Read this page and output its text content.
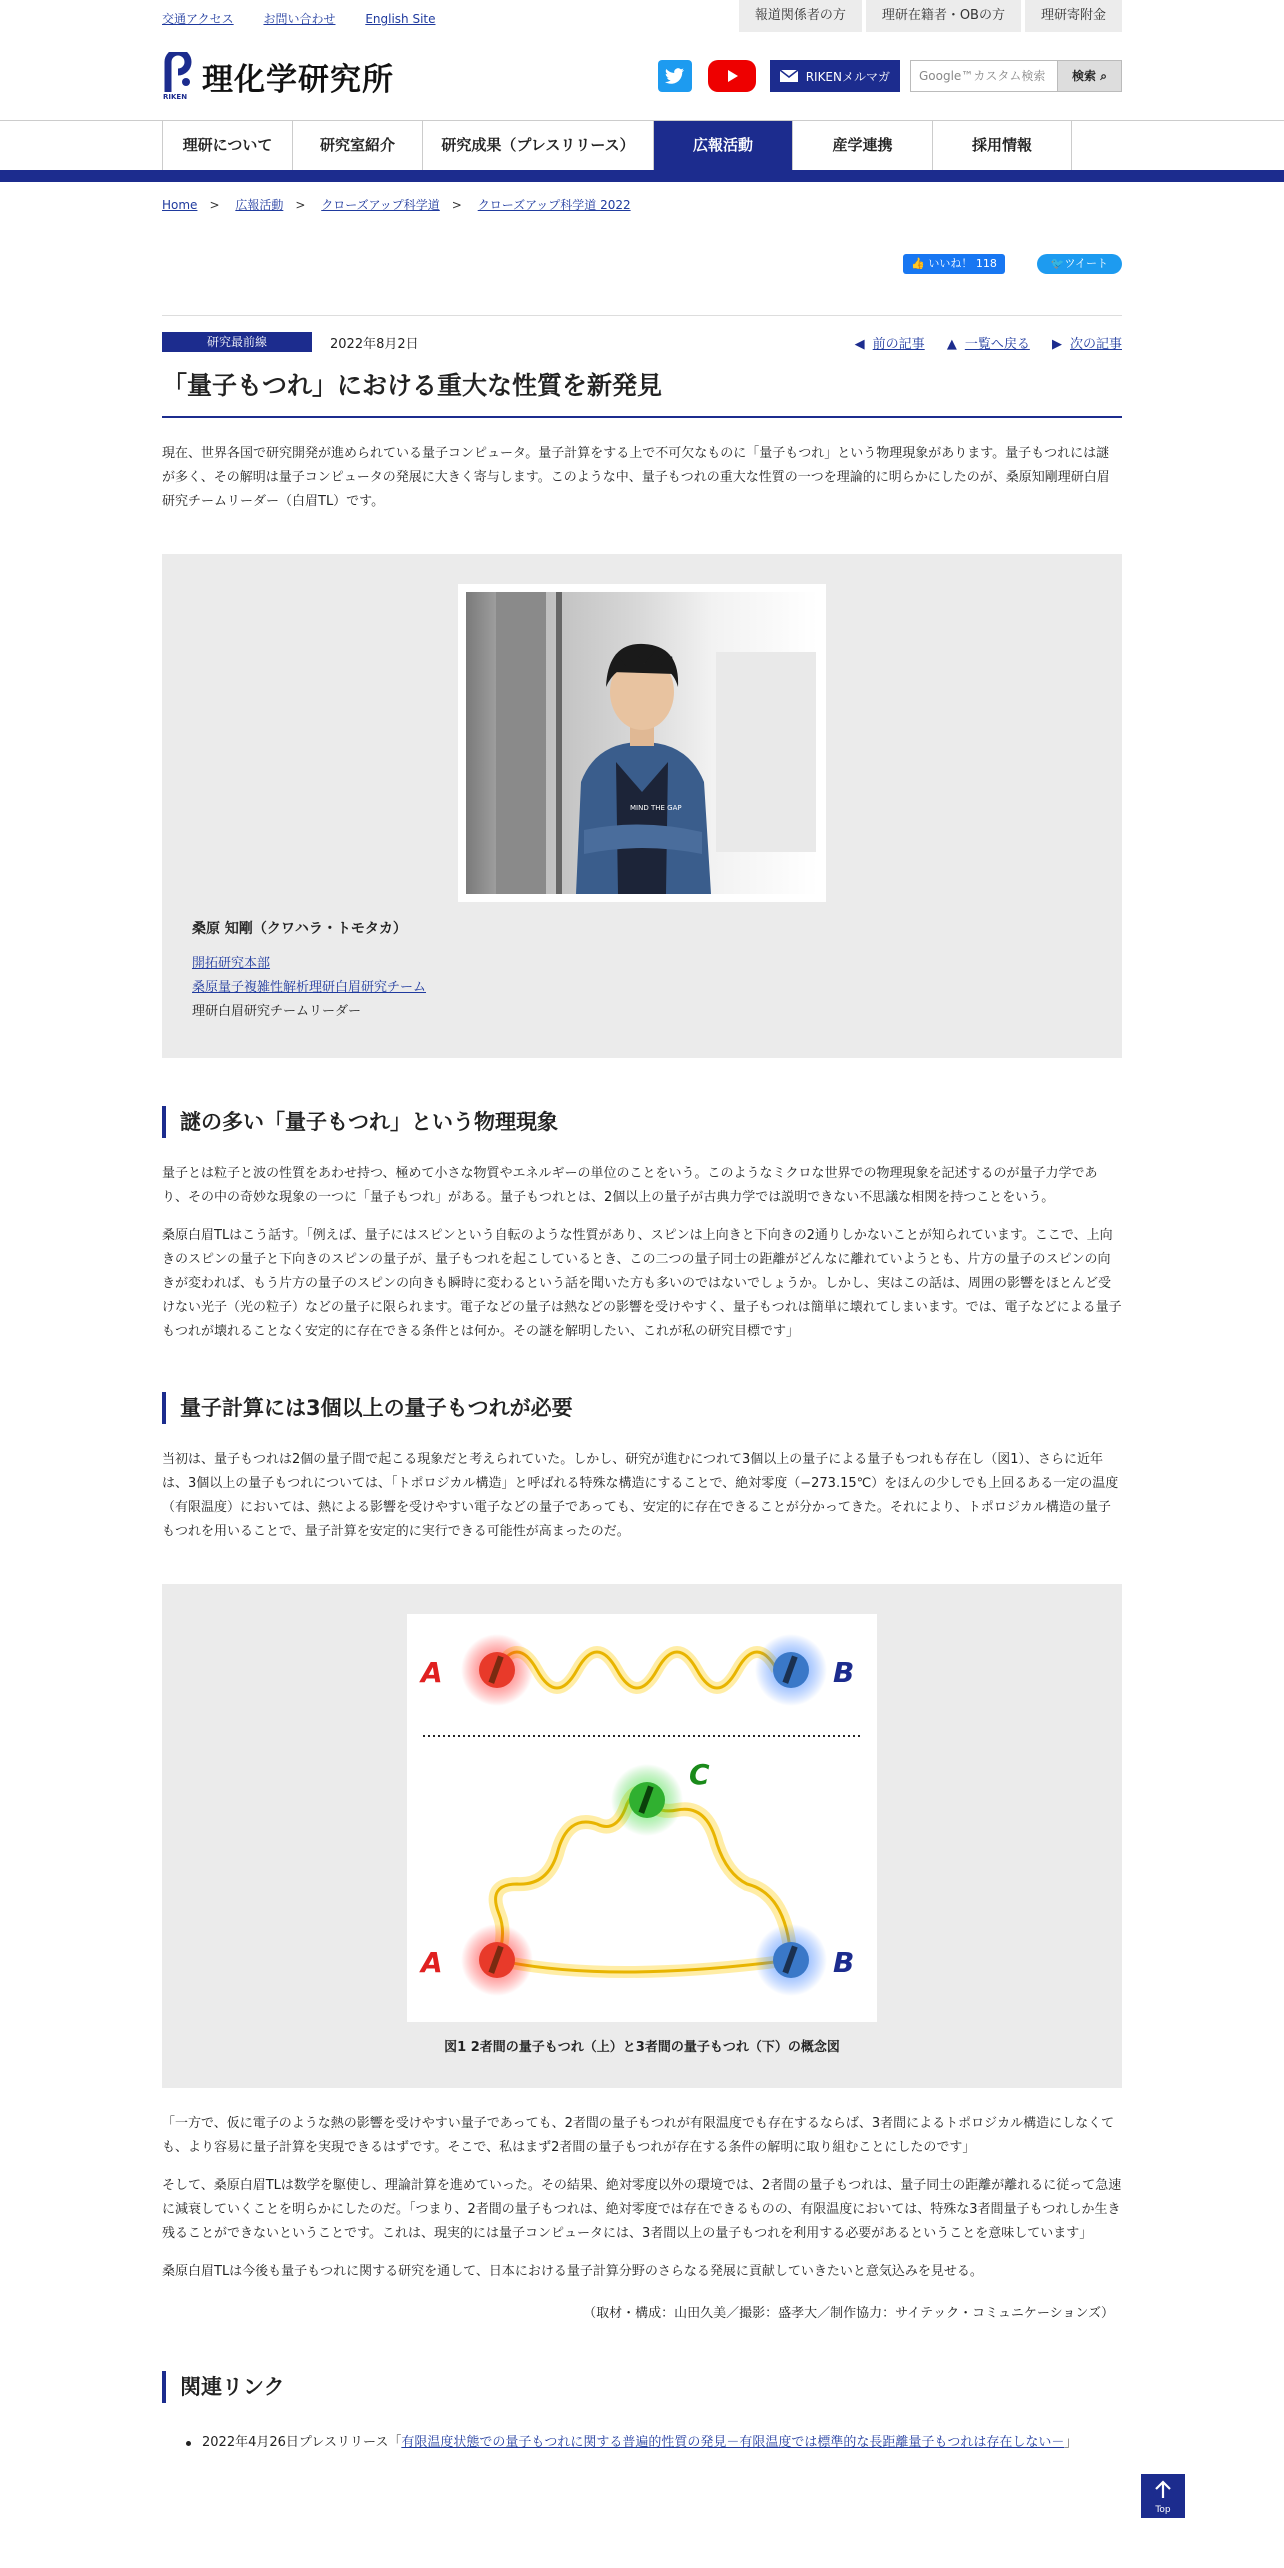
交通アクセス お問い合わせ English Site	報道関係者の方	理研在籍者・OBの方	理研寄附金
RIKEN 理化学研究所	RIKENメルマガ	Google™カスタム検索	検索 ⌕
理研について	研究室紹介	研究成果（プレスリリース）	広報活動	産学連携	採用情報
Home > 広報活動 > クローズアップ科学道 > クローズアップ科学道 2022
👍 いいね！ 118	🐦ツイート
研究最前線	2022年8月2日	◀ 前の記事 ▲ 一覧へ戻る ▶ 次の記事
「量子もつれ」における重大な性質を新発見

現在、世界各国で研究開発が進められている量子コンピュータ。量子計算をする上で不可欠なものに「量子もつれ」という物理現象があります。量子もつれには謎が多く、その解明は量子コンピュータの発展に大きく寄与します。このような中、量子もつれの重大な性質の一つを理論的に明らかにしたのが、桑原知剛理研白眉研究チームリーダー（白眉TL）です。

MIND THE GAP
桑原 知剛（クワハラ・トモタカ）
開拓研究本部
桑原量子複雑性解析理研白眉研究チーム
理研白眉研究チームリーダー
謎の多い「量子もつれ」という物理現象

量子とは粒子と波の性質をあわせ持つ、極めて小さな物質やエネルギーの単位のことをいう。このようなミクロな世界での物理現象を記述するのが量子力学であり、その中の奇妙な現象の一つに「量子もつれ」がある。量子もつれとは、2個以上の量子が古典力学では説明できない不思議な相関を持つことをいう。

桑原白眉TLはこう話す。「例えば、量子にはスピンという自転のような性質があり、スピンは上向きと下向きの2通りしかないことが知られています。ここで、上向きのスピンの量子と下向きのスピンの量子が、量子もつれを起こしているとき、この二つの量子同士の距離がどんなに離れていようとも、片方の量子のスピンの向きが変われば、もう片方の量子のスピンの向きも瞬時に変わるという話を聞いた方も多いのではないでしょうか。しかし、実はこの話は、周囲の影響をほとんど受けない光子（光の粒子）などの量子に限られます。電子などの量子は熱などの影響を受けやすく、量子もつれは簡単に壊れてしまいます。では、電子などによる量子もつれが壊れることなく安定的に存在できる条件とは何か。その謎を解明したい、これが私の研究目標です」

量子計算には3個以上の量子もつれが必要

当初は、量子もつれは2個の量子間で起こる現象だと考えられていた。しかし、研究が進むにつれて3個以上の量子による量子もつれも存在し（図1）、さらに近年は、3個以上の量子もつれについては、「トポロジカル構造」と呼ばれる特殊な構造にすることで、絶対零度（−273.15℃）をほんの少しでも上回るある一定の温度（有限温度）においては、熱による影響を受けやすい電子などの量子であっても、安定的に存在できることが分かってきた。それにより、トポロジカル構造の量子もつれを用いることで、量子計算を安定的に実行できる可能性が高まったのだ。

A	B
C
A	B
図1 2者間の量子もつれ（上）と3者間の量子もつれ（下）の概念図

「一方で、仮に電子のような熱の影響を受けやすい量子であっても、2者間の量子もつれが有限温度でも存在するならば、3者間によるトポロジカル構造にしなくても、より容易に量子計算を実現できるはずです。そこで、私はまず2者間の量子もつれが存在する条件の解明に取り組むことにしたのです」

そして、桑原白眉TLは数学を駆使し、理論計算を進めていった。その結果、絶対零度以外の環境では、2者間の量子もつれは、量子同士の距離が離れるに従って急速に減衰していくことを明らかにしたのだ。「つまり、2者間の量子もつれは、絶対零度では存在できるものの、有限温度においては、特殊な3者間量子もつれしか生き残ることができないということです。これは、現実的には量子コンピュータには、3者間以上の量子もつれを利用する必要があるということを意味しています」

桑原白眉TLは今後も量子もつれに関する研究を通して、日本における量子計算分野のさらなる発展に貢献していきたいと意気込みを見せる。

（取材・構成：山田久美／撮影：盛孝大／制作協力：サイテック・コミュニケーションズ）
関連リンク
2022年4月26日プレスリリース「有限温度状態での量子もつれに関する普遍的性質の発見－有限温度では標準的な長距離量子もつれは存在しない－」
Top
